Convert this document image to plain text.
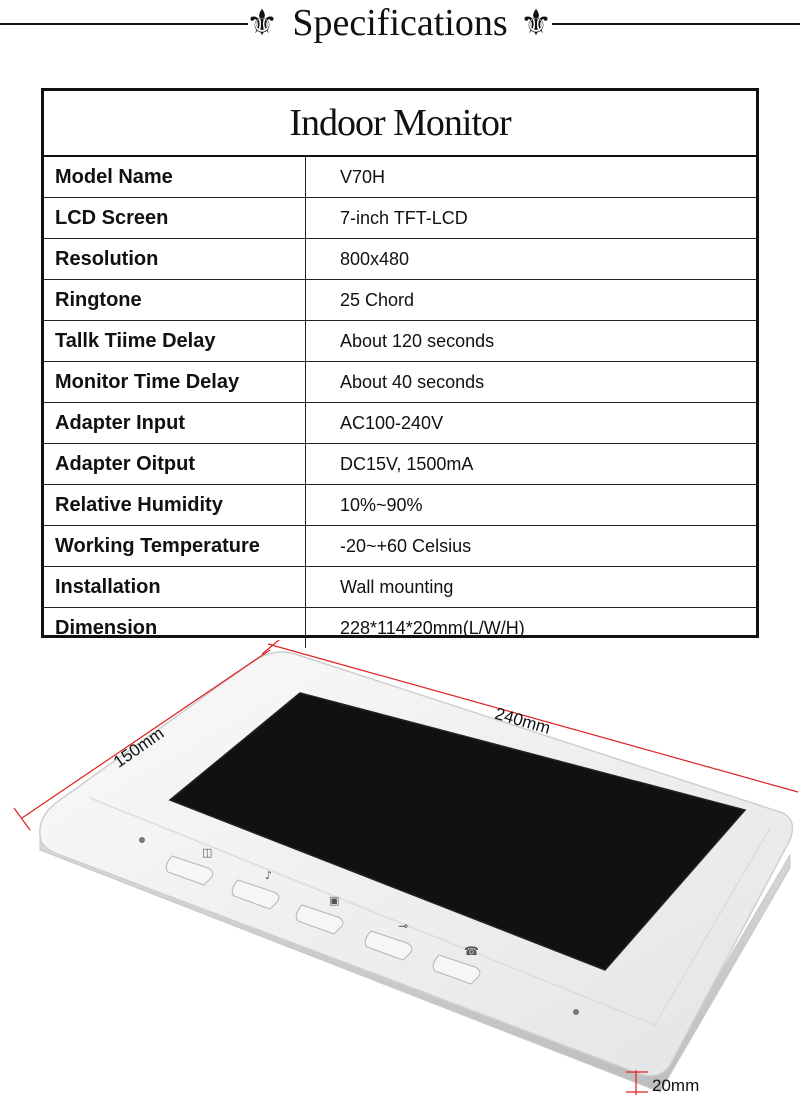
⚜ Specifications ⚜
Indoor Monitor
Model Name	V70H
LCD Screen	7-inch TFT-LCD
Resolution	800x480
Ringtone	25 Chord
Tallk Tiime Delay	About 120 seconds
Monitor Time Delay	About 40 seconds
Adapter Input	AC100-240V
Adapter Oitput	DC15V, 1500mA
Relative Humidity	10%~90%
Working Temperature	-20~+60 Celsius
Installation	Wall mounting
Dimension	228*114*20mm(L/W/H)
◫
♪
▣
⊸
☎
240mm
150mm
20mm
